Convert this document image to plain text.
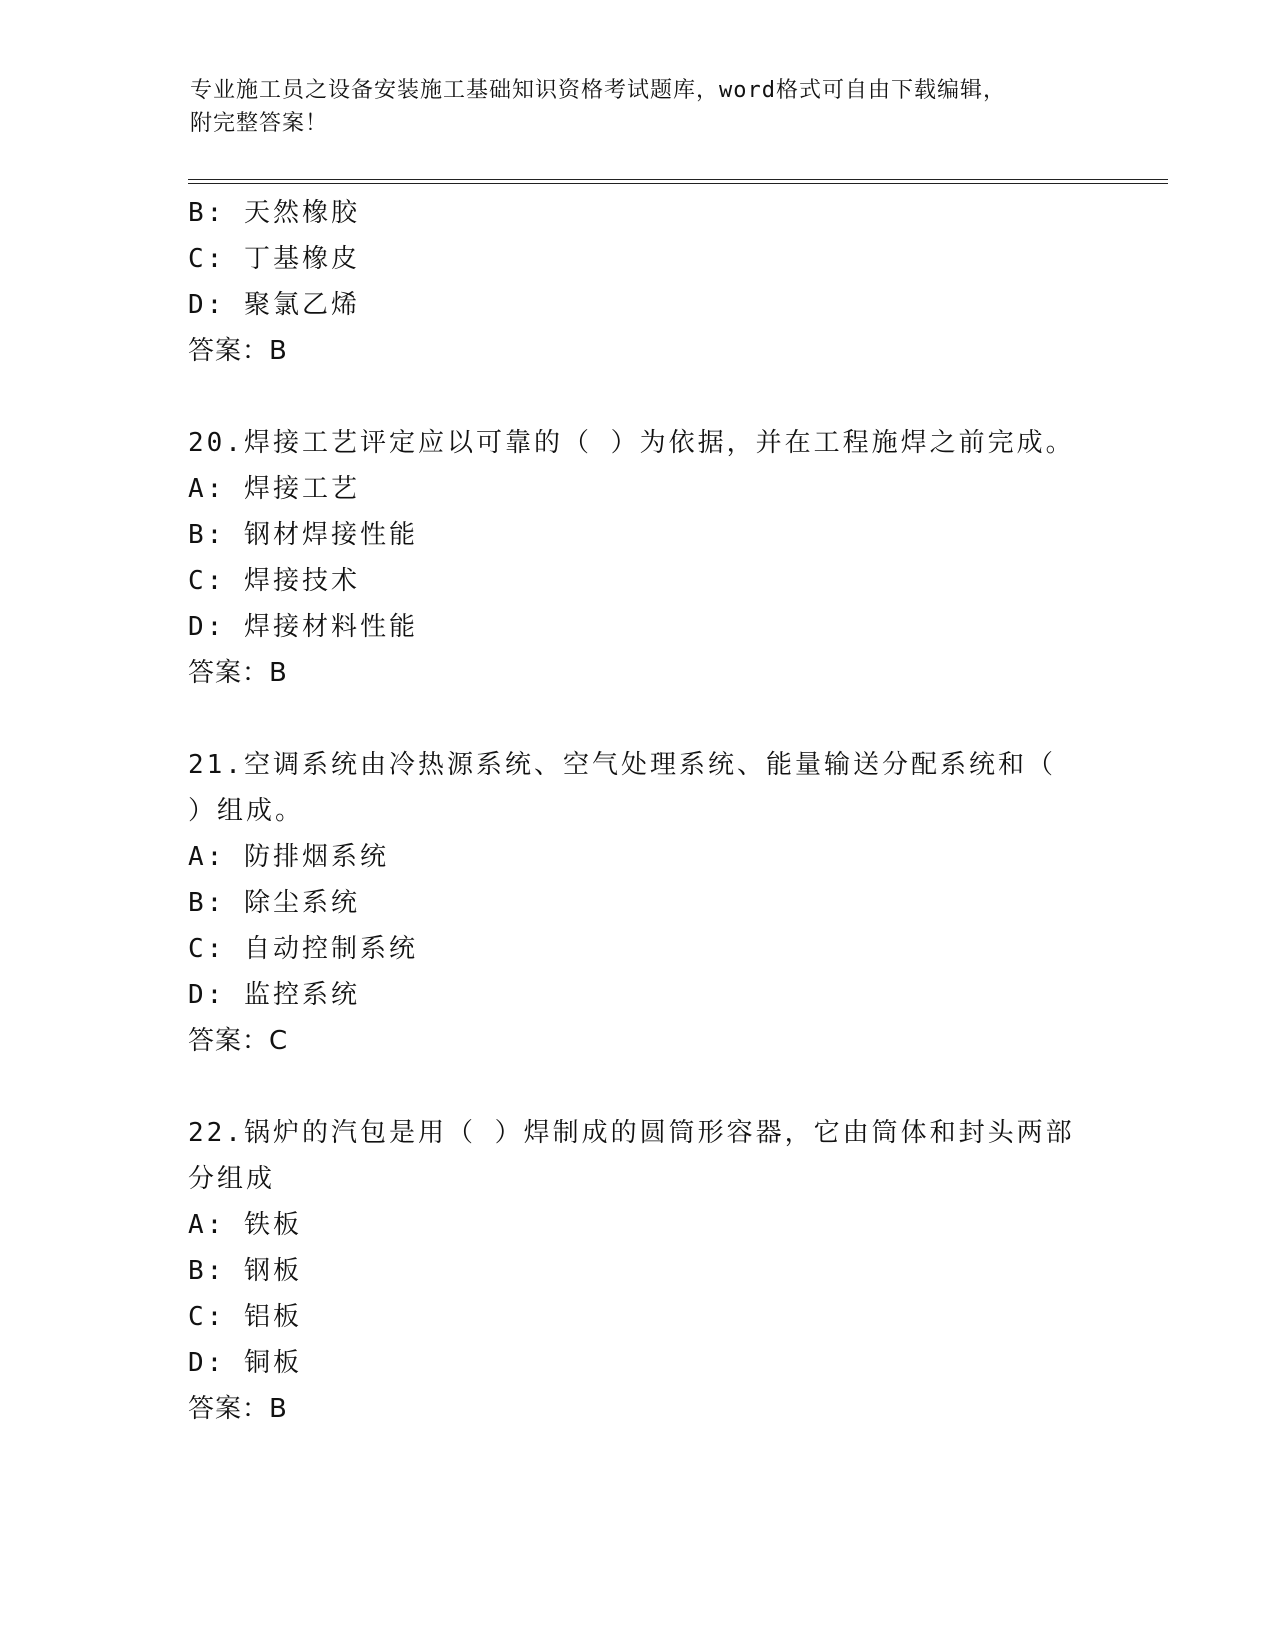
专业施工员之设备安装施工基础知识资格考试题库，word格式可自由下载编辑，
附完整答案！
B: 天然橡胶
C: 丁基橡皮
D: 聚氯乙烯
答案：B
20.焊接工艺评定应以可靠的（ ）为依据，并在工程施焊之前完成。
A: 焊接工艺
B: 钢材焊接性能
C: 焊接技术
D: 焊接材料性能
答案：B
21.空调系统由冷热源系统、空气处理系统、能量输送分配系统和（
）组成。
A: 防排烟系统
B: 除尘系统
C: 自动控制系统
D: 监控系统
答案：C
22.锅炉的汽包是用（ ）焊制成的圆筒形容器，它由筒体和封头两部
分组成
A: 铁板
B: 钢板
C: 铝板
D: 铜板
答案：B
